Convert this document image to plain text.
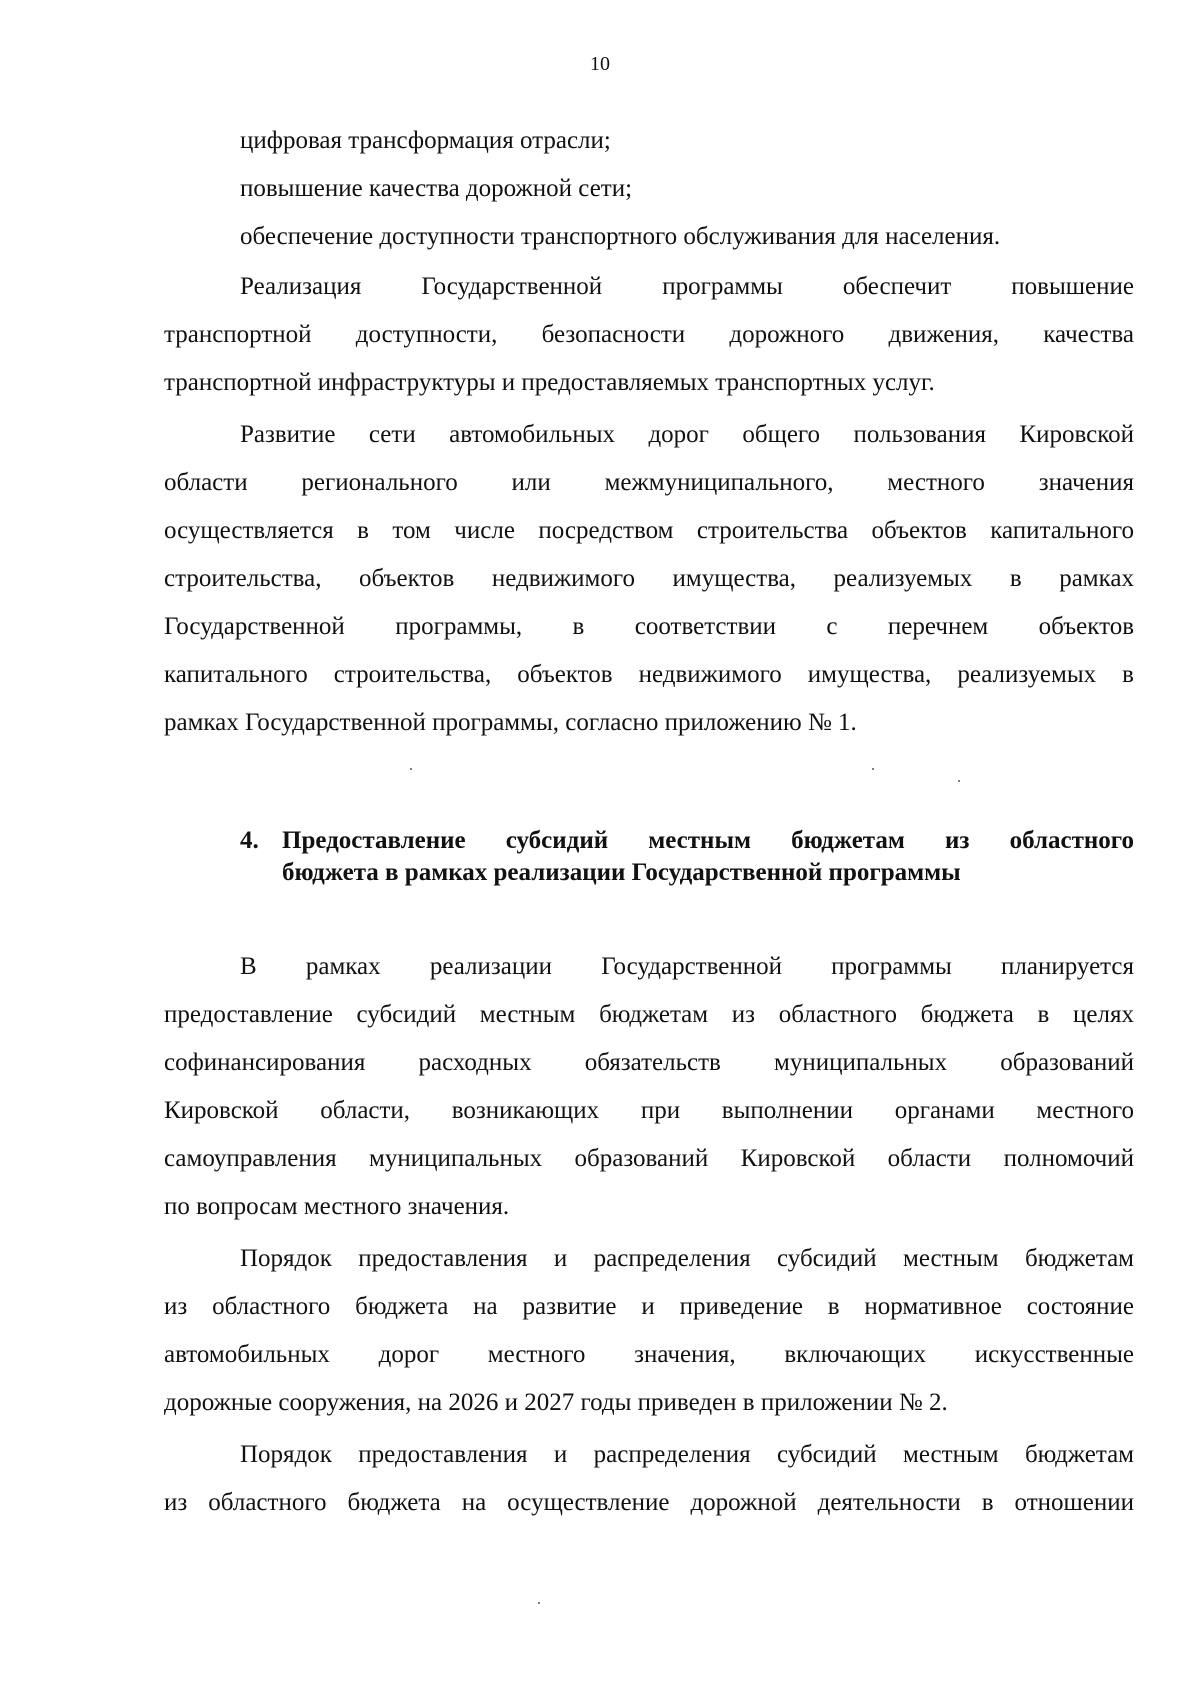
10
цифровая трансформация отрасли;
повышение качества дорожной сети;
обеспечение доступности транспортного обслуживания для населения.
Реализация Государственной программы обеспечит повышение
транспортной доступности, безопасности дорожного движения, качества
транспортной инфраструктуры и предоставляемых транспортных услуг.
Развитие сети автомобильных дорог общего пользования Кировской
области регионального или межмуниципального, местного значения
осуществляется в том числе посредством строительства объектов капитального
строительства, объектов недвижимого имущества, реализуемых в рамках
Государственной программы, в соответствии с перечнем объектов
капитального строительства, объектов недвижимого имущества, реализуемых в
рамках Государственной программы, согласно приложению № 1.
4. Предоставление субсидий местным бюджетам из областного
бюджета в рамках реализации Государственной программы
В рамках реализации Государственной программы планируется
предоставление субсидий местным бюджетам из областного бюджета в целях
софинансирования расходных обязательств муниципальных образований
Кировской области, возникающих при выполнении органами местного
самоуправления муниципальных образований Кировской области полномочий
по вопросам местного значения.
Порядок предоставления и распределения субсидий местным бюджетам
из областного бюджета на развитие и приведение в нормативное состояние
автомобильных дорог местного значения, включающих искусственные
дорожные сооружения, на 2026 и 2027 годы приведен в приложении № 2.
Порядок предоставления и распределения субсидий местным бюджетам
из областного бюджета на осуществление дорожной деятельности в отношении
